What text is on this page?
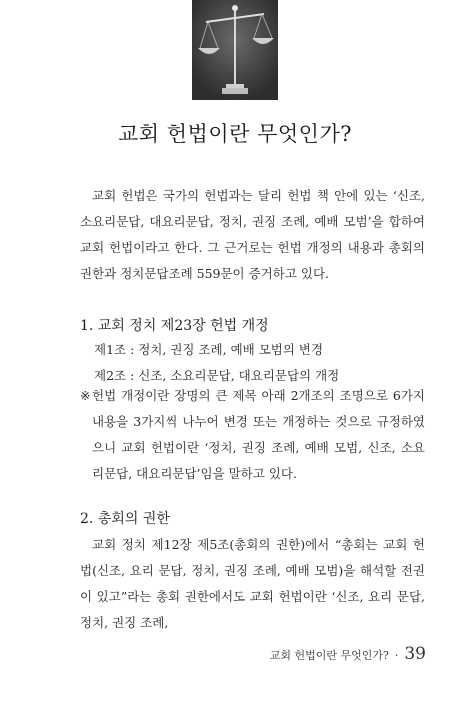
교회 헌법이란 무엇인가?
교회 헌법은 국가의 헌법과는 달리 헌법 책 안에 있는 ‘신조, 소요리문답, 대요리문답, 정치, 권징 조례, 예배 모범’을 합하여 교회 헌법이라고 한다. 그 근거로는 헌법 개정의 내용과 총회의 권한과 정치문답조례 559문이 증거하고 있다.
1. 교회 정치 제23장 헌법 개정
제1조 : 정치, 권징 조례, 예배 모범의 변경
제2조 : 신조, 소요리문답, 대요리문답의 개정
※ 헌법 개정이란 장명의 큰 제목 아래 2개조의 조명으로 6가지 내용을 3가지씩 나누어 변경 또는 개정하는 것으로 규정하였으니 교회 헌법이란 ‘정치, 권징 조례, 예배 모범, 신조, 소요리문답, 대요리문답’임을 말하고 있다.
2. 총회의 권한
교회 정치 제12장 제5조(총회의 권한)에서 “총회는 교회 헌법(신조, 요리 문답, 정치, 권징 조례, 예배 모범)을 해석할 전권이 있고”라는 총회 권한에서도 교회 헌법이란 ‘신조, 요리 문답, 정치, 권징 조례,
교회 헌법이란 무엇인가? · 39
